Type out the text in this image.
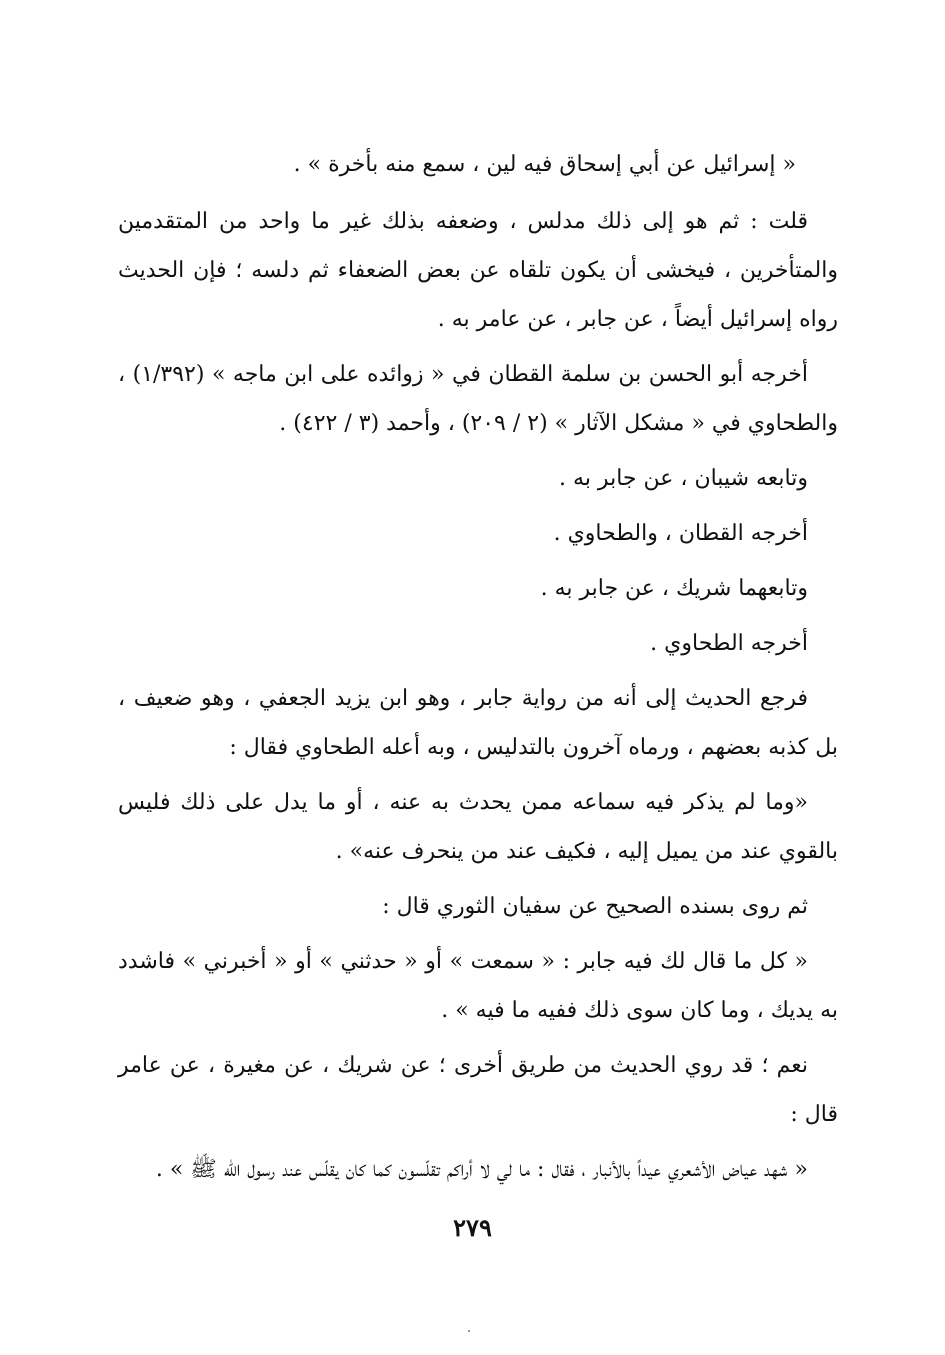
« إسرائيل عن أبي إسحاق فيه لين ، سمع منه بأخرة » .

قلت : ثم هو إلى ذلك مدلس ، وضعفه بذلك غير ما واحد من المتقدمين والمتأخرين ، فيخشى أن يكون تلقاه عن بعض الضعفاء ثم دلسه ؛ فإن الحديث رواه إسرائيل أيضاً ، عن جابر ، عن عامر به .

أخرجه أبو الحسن بن سلمة القطان في « زوائده على ابن ماجه » (١/٣٩٢) ، والطحاوي في « مشكل الآثار » (٢ / ٢٠٩) ، وأحمد (٣ / ٤٢٢) .

وتابعه شيبان ، عن جابر به .

أخرجه القطان ، والطحاوي .

وتابعهما شريك ، عن جابر به .

أخرجه الطحاوي .

فرجع الحديث إلى أنه من رواية جابر ، وهو ابن يزيد الجعفي ، وهو ضعيف ، بل كذبه بعضهم ، ورماه آخرون بالتدليس ، وبه أعله الطحاوي فقال :

«وما لم يذكر فيه سماعه ممن يحدث به عنه ، أو ما يدل على ذلك فليس بالقوي عند من يميل إليه ، فكيف عند من ينحرف عنه» .

ثم روى بسنده الصحيح عن سفيان الثوري قال :

« كل ما قال لك فيه جابر : « سمعت » أو « حدثني » أو « أخبرني » فاشدد به يديك ، وما كان سوى ذلك ففيه ما فيه » .

نعم ؛ قد روي الحديث من طريق أخرى ؛ عن شريك ، عن مغيرة ، عن عامر قال :

« شهد عياض الأشعري عيداً بالأنبار ، فقال : ما لي لا أراكم تقلّسون كما كان يقلّس عند رسول الله ﷺ » .

٢٧٩
